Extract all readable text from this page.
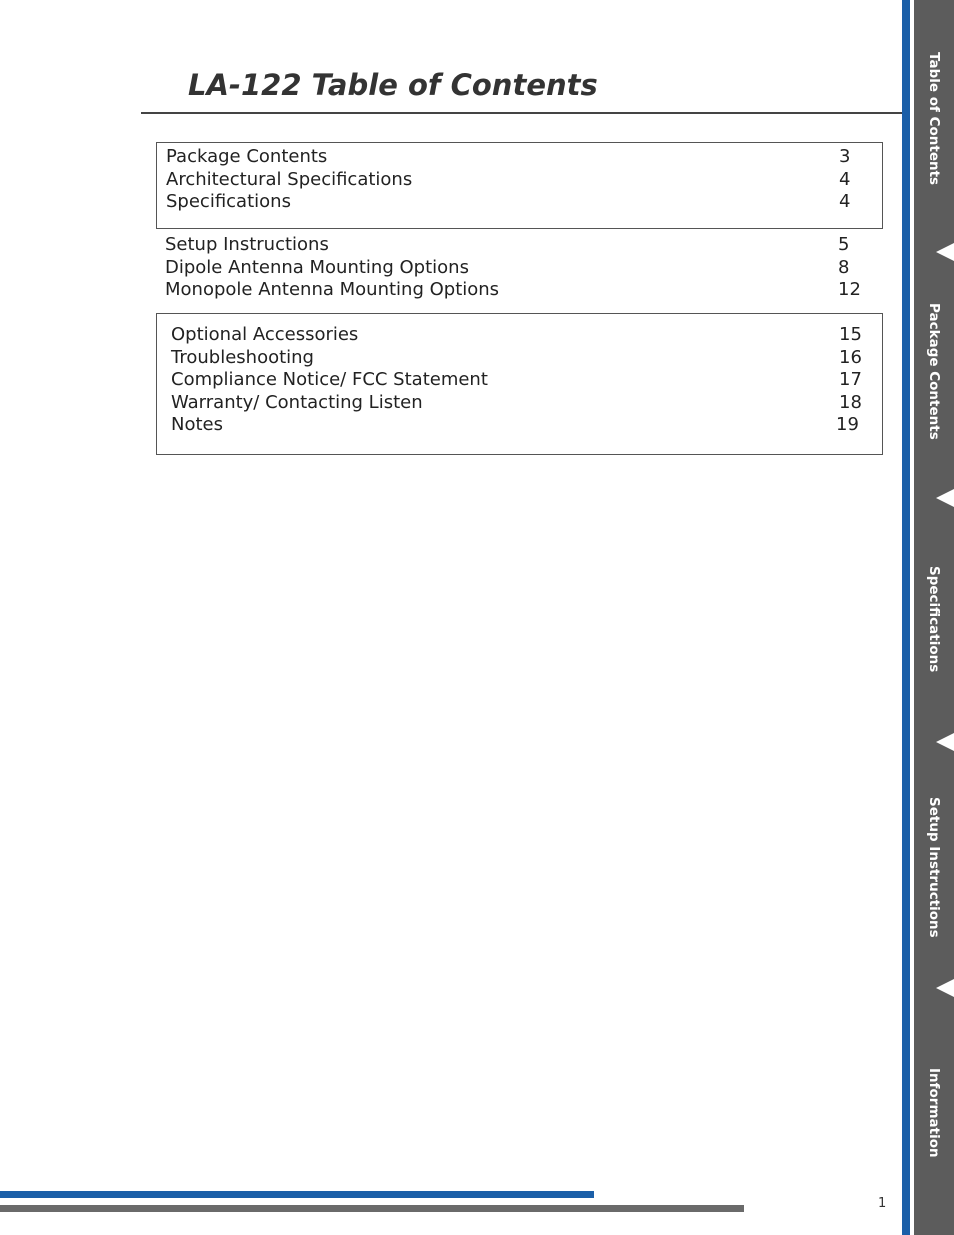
LA-122 Table of Contents
Package Contents	3
Architectural Specifications	4
Specifications	4
Setup Instructions	5
Dipole Antenna Mounting Options	8
Monopole Antenna Mounting Options	12
Optional Accessories	15
Troubleshooting	16
Compliance Notice/ FCC Statement	17
Warranty/ Contacting Listen	18
Notes	19
Table of Contents
Package Contents
Specifications
Setup Instructions
Information
1
